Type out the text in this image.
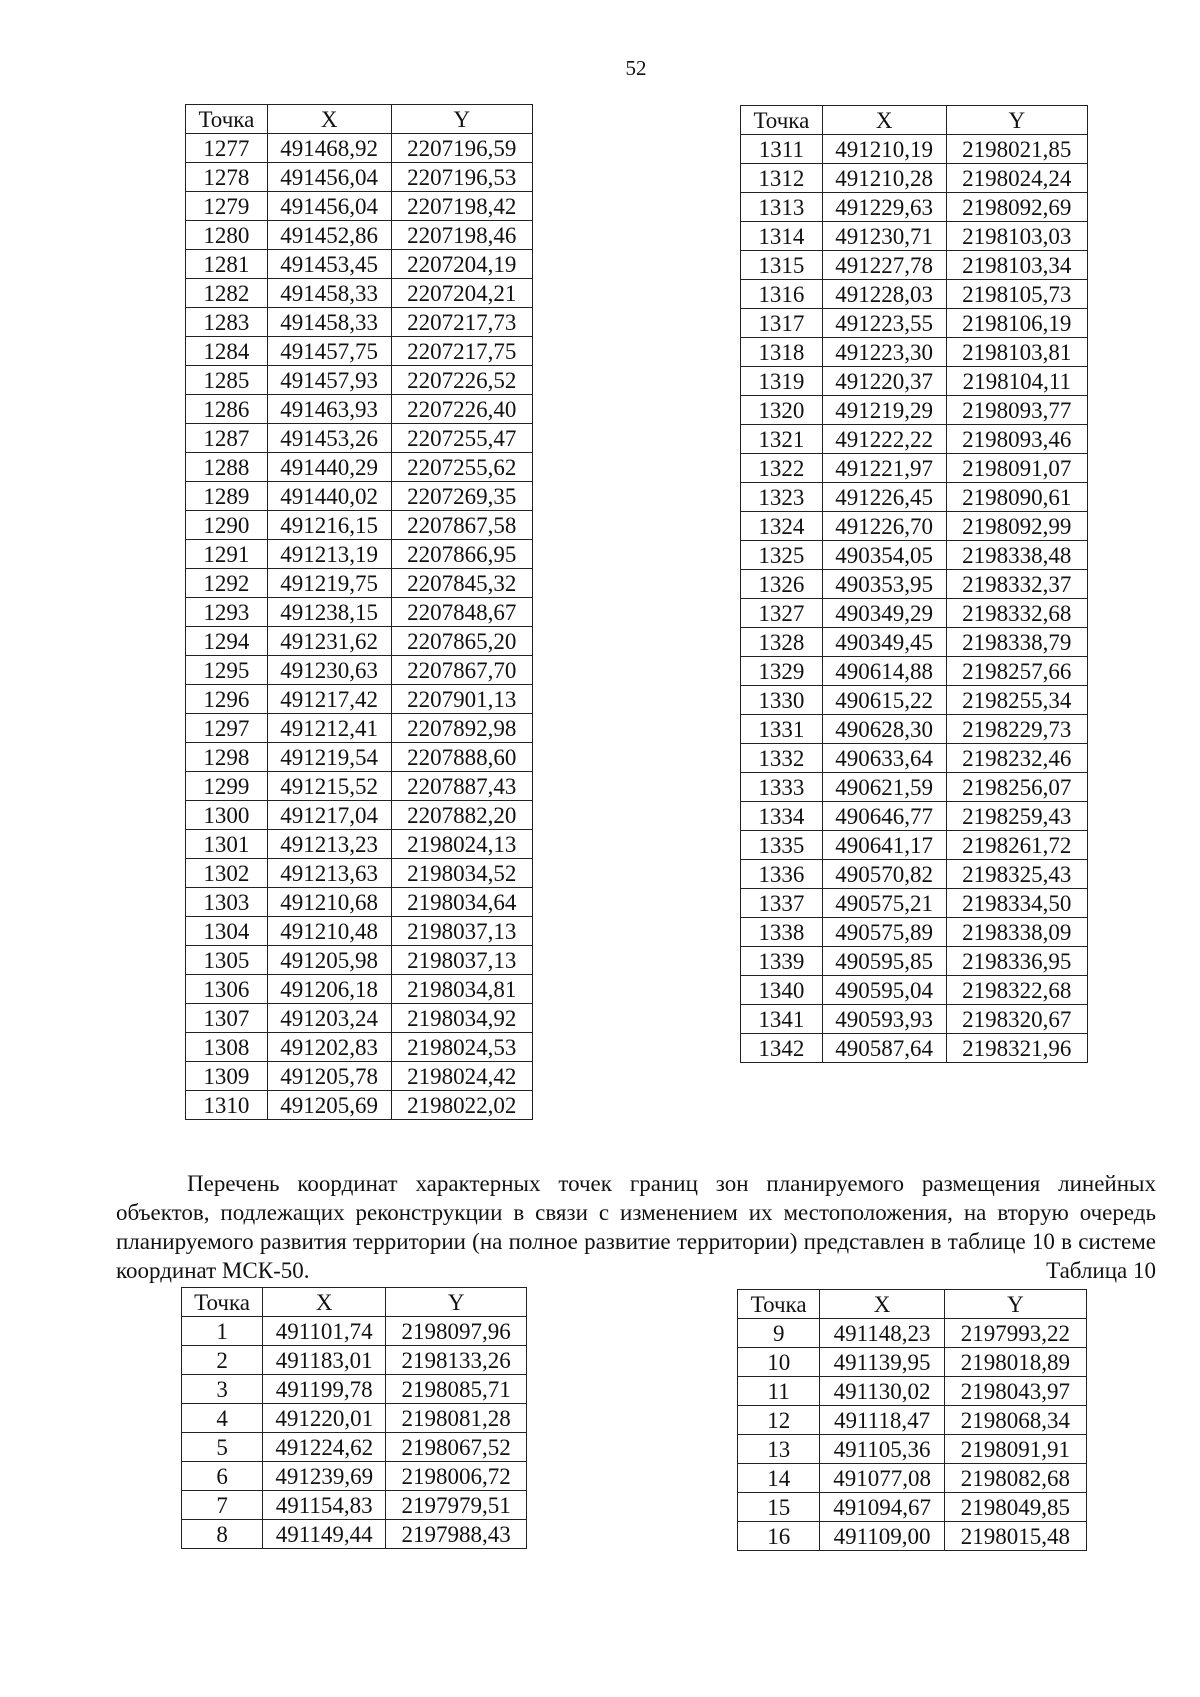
52
Точка	X	Y
1277	491468,92	2207196,59
1278	491456,04	2207196,53
1279	491456,04	2207198,42
1280	491452,86	2207198,46
1281	491453,45	2207204,19
1282	491458,33	2207204,21
1283	491458,33	2207217,73
1284	491457,75	2207217,75
1285	491457,93	2207226,52
1286	491463,93	2207226,40
1287	491453,26	2207255,47
1288	491440,29	2207255,62
1289	491440,02	2207269,35
1290	491216,15	2207867,58
1291	491213,19	2207866,95
1292	491219,75	2207845,32
1293	491238,15	2207848,67
1294	491231,62	2207865,20
1295	491230,63	2207867,70
1296	491217,42	2207901,13
1297	491212,41	2207892,98
1298	491219,54	2207888,60
1299	491215,52	2207887,43
1300	491217,04	2207882,20
1301	491213,23	2198024,13
1302	491213,63	2198034,52
1303	491210,68	2198034,64
1304	491210,48	2198037,13
1305	491205,98	2198037,13
1306	491206,18	2198034,81
1307	491203,24	2198034,92
1308	491202,83	2198024,53
1309	491205,78	2198024,42
1310	491205,69	2198022,02
Точка	X	Y
1311	491210,19	2198021,85
1312	491210,28	2198024,24
1313	491229,63	2198092,69
1314	491230,71	2198103,03
1315	491227,78	2198103,34
1316	491228,03	2198105,73
1317	491223,55	2198106,19
1318	491223,30	2198103,81
1319	491220,37	2198104,11
1320	491219,29	2198093,77
1321	491222,22	2198093,46
1322	491221,97	2198091,07
1323	491226,45	2198090,61
1324	491226,70	2198092,99
1325	490354,05	2198338,48
1326	490353,95	2198332,37
1327	490349,29	2198332,68
1328	490349,45	2198338,79
1329	490614,88	2198257,66
1330	490615,22	2198255,34
1331	490628,30	2198229,73
1332	490633,64	2198232,46
1333	490621,59	2198256,07
1334	490646,77	2198259,43
1335	490641,17	2198261,72
1336	490570,82	2198325,43
1337	490575,21	2198334,50
1338	490575,89	2198338,09
1339	490595,85	2198336,95
1340	490595,04	2198322,68
1341	490593,93	2198320,67
1342	490587,64	2198321,96

Перечень координат характерных точек границ зон планируемого размещения линейных объектов, подлежащих реконструкции в связи с изменением их местоположения, на вторую очередь планируемого развития территории (на полное развитие территории) представлен в таблице 10 в системе координат МСК-50.	Таблица 10
Точка	X	Y
1	491101,74	2198097,96
2	491183,01	2198133,26
3	491199,78	2198085,71
4	491220,01	2198081,28
5	491224,62	2198067,52
6	491239,69	2198006,72
7	491154,83	2197979,51
8	491149,44	2197988,43
Точка	X	Y
9	491148,23	2197993,22
10	491139,95	2198018,89
11	491130,02	2198043,97
12	491118,47	2198068,34
13	491105,36	2198091,91
14	491077,08	2198082,68
15	491094,67	2198049,85
16	491109,00	2198015,48
